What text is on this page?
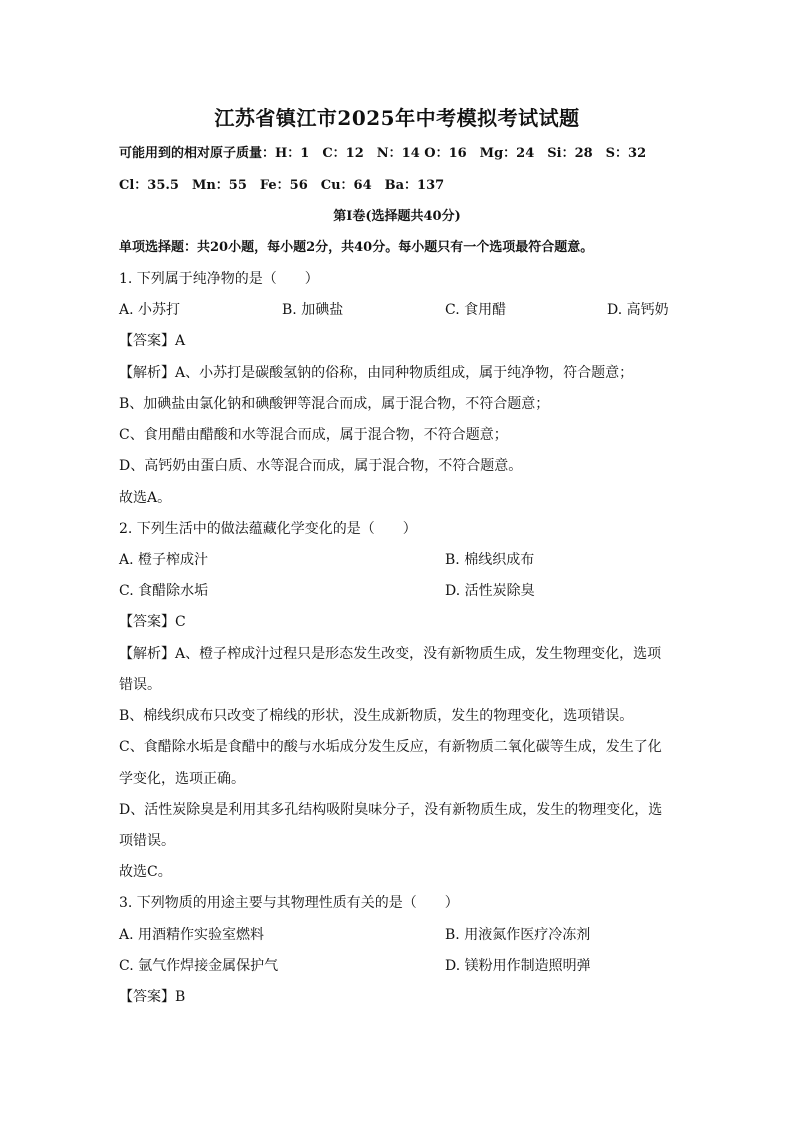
江苏省镇江市2025年中考模拟考试试题
可能用到的相对原子质量：H：1　C：12　N：14 O：16　Mg：24　Si：28　S：32
Cl：35.5　Mn：55　Fe：56　Cu：64　Ba：137
第Ⅰ卷(选择题共40分)
单项选择题：共20小题，每小题2分，共40分。每小题只有一个选项最符合题意。
1. 下列属于纯净物的是（　　）
A. 小苏打	B. 加碘盐	C. 食用醋	D. 高钙奶
【答案】A
【解析】A、小苏打是碳酸氢钠的俗称，由同种物质组成，属于纯净物，符合题意；
B、加碘盐由氯化钠和碘酸钾等混合而成，属于混合物，不符合题意；
C、食用醋由醋酸和水等混合而成，属于混合物，不符合题意；
D、高钙奶由蛋白质、水等混合而成，属于混合物，不符合题意。
故选A。
2. 下列生活中的做法蕴藏化学变化的是（　　）
A. 橙子榨成汁	B. 棉线织成布
C. 食醋除水垢	D. 活性炭除臭
【答案】C
【解析】A、橙子榨成汁过程只是形态发生改变，没有新物质生成，发生物理变化，选项
错误。
B、棉线织成布只改变了棉线的形状，没生成新物质，发生的物理变化，选项错误。
C、食醋除水垢是食醋中的酸与水垢成分发生反应，有新物质二氧化碳等生成，发生了化
学变化，选项正确。
D、活性炭除臭是利用其多孔结构吸附臭味分子，没有新物质生成，发生的物理变化，选
项错误。
故选C。
3. 下列物质的用途主要与其物理性质有关的是（　　）
A. 用酒精作实验室燃料	B. 用液氮作医疗冷冻剂
C. 氩气作焊接金属保护气	D. 镁粉用作制造照明弹
【答案】B
